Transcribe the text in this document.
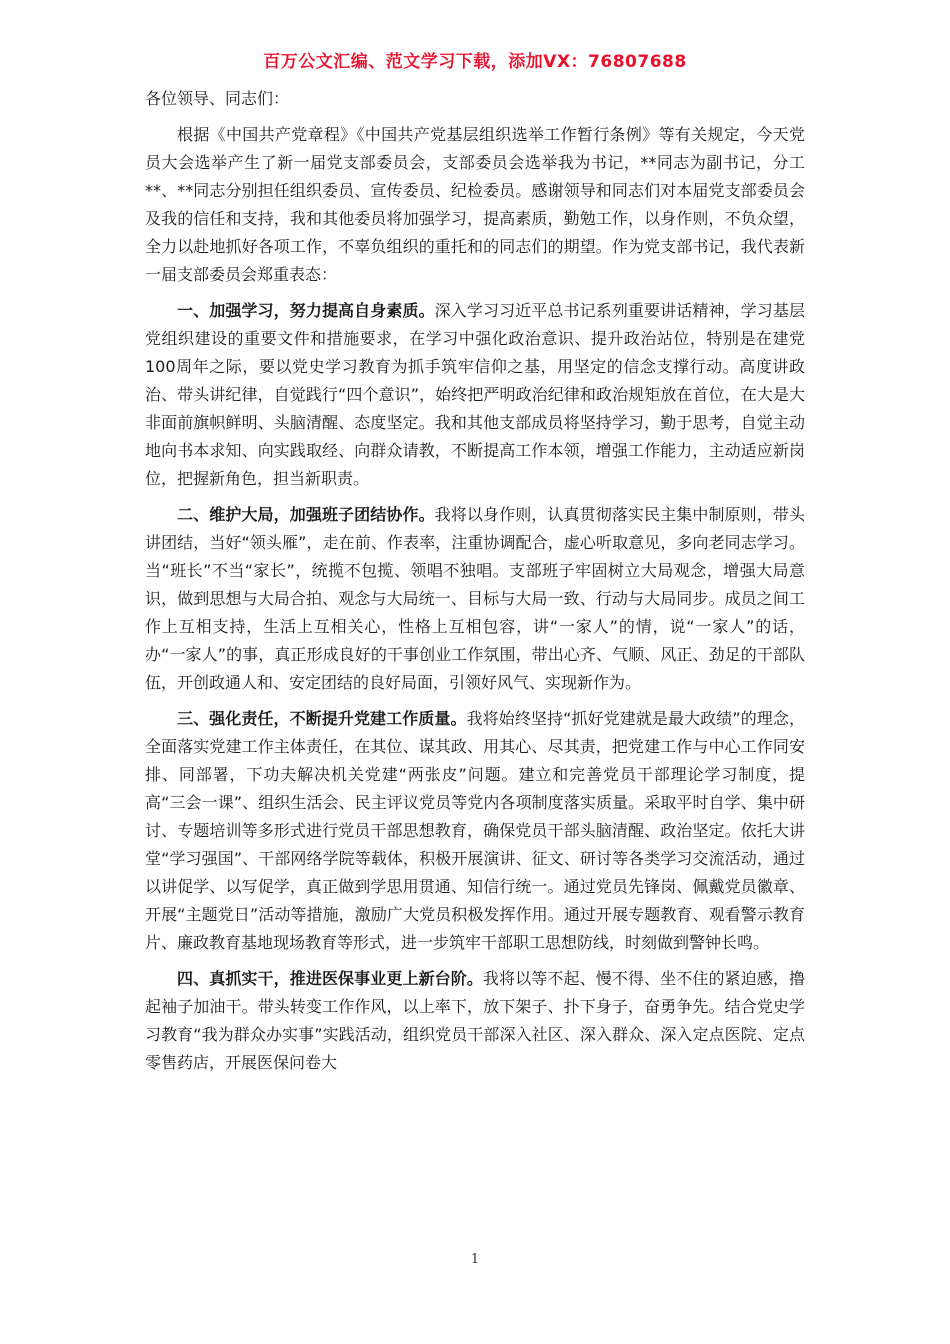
百万公文汇编、范文学习下载，添加VX：76807688

各位领导、同志们：

根据《中国共产党章程》《中国共产党基层组织选举工作暂行条例》等有关规定，今天党员大会选举产生了新一届党支部委员会，支部委员会选举我为书记，**同志为副书记，分工**、**同志分别担任组织委员、宣传委员、纪检委员。感谢领导和同志们对本届党支部委员会及我的信任和支持，我和其他委员将加强学习，提高素质，勤勉工作，以身作则，不负众望，全力以赴地抓好各项工作，不辜负组织的重托和的同志们的期望。作为党支部书记，我代表新一届支部委员会郑重表态：

一、加强学习，努力提高自身素质。深入学习习近平总书记系列重要讲话精神，学习基层党组织建设的重要文件和措施要求，在学习中强化政治意识、提升政治站位，特别是在建党100周年之际，要以党史学习教育为抓手筑牢信仰之基，用坚定的信念支撑行动。高度讲政治、带头讲纪律，自觉践行“四个意识”，始终把严明政治纪律和政治规矩放在首位，在大是大非面前旗帜鲜明、头脑清醒、态度坚定。我和其他支部成员将坚持学习，勤于思考，自觉主动地向书本求知、向实践取经、向群众请教，不断提高工作本领，增强工作能力，主动适应新岗位，把握新角色，担当新职责。

二、维护大局，加强班子团结协作。我将以身作则，认真贯彻落实民主集中制原则，带头讲团结，当好“领头雁”，走在前、作表率，注重协调配合，虚心听取意见，多向老同志学习。当“班长”不当“家长”，统揽不包揽、领唱不独唱。支部班子牢固树立大局观念，增强大局意识，做到思想与大局合拍、观念与大局统一、目标与大局一致、行动与大局同步。成员之间工作上互相支持，生活上互相关心，性格上互相包容，讲“一家人”的情，说“一家人”的话，办“一家人”的事，真正形成良好的干事创业工作氛围，带出心齐、气顺、风正、劲足的干部队伍，开创政通人和、安定团结的良好局面，引领好风气、实现新作为。

三、强化责任，不断提升党建工作质量。我将始终坚持“抓好党建就是最大政绩”的理念，全面落实党建工作主体责任，在其位、谋其政、用其心、尽其责，把党建工作与中心工作同安排、同部署，下功夫解决机关党建“两张皮”问题。建立和完善党员干部理论学习制度，提高“三会一课”、组织生活会、民主评议党员等党内各项制度落实质量。采取平时自学、集中研讨、专题培训等多形式进行党员干部思想教育，确保党员干部头脑清醒、政治坚定。依托大讲堂“学习强国”、干部网络学院等载体，积极开展演讲、征文、研讨等各类学习交流活动，通过以讲促学、以写促学，真正做到学思用贯通、知信行统一。通过党员先锋岗、佩戴党员徽章、开展“主题党日”活动等措施，激励广大党员积极发挥作用。通过开展专题教育、观看警示教育片、廉政教育基地现场教育等形式，进一步筑牢干部职工思想防线，时刻做到警钟长鸣。

四、真抓实干，推进医保事业更上新台阶。我将以等不起、慢不得、坐不住的紧迫感，撸起袖子加油干。带头转变工作作风，以上率下，放下架子、扑下身子，奋勇争先。结合党史学习教育“我为群众办实事”实践活动，组织党员干部深入社区、深入群众、深入定点医院、定点零售药店，开展医保问卷大

1
